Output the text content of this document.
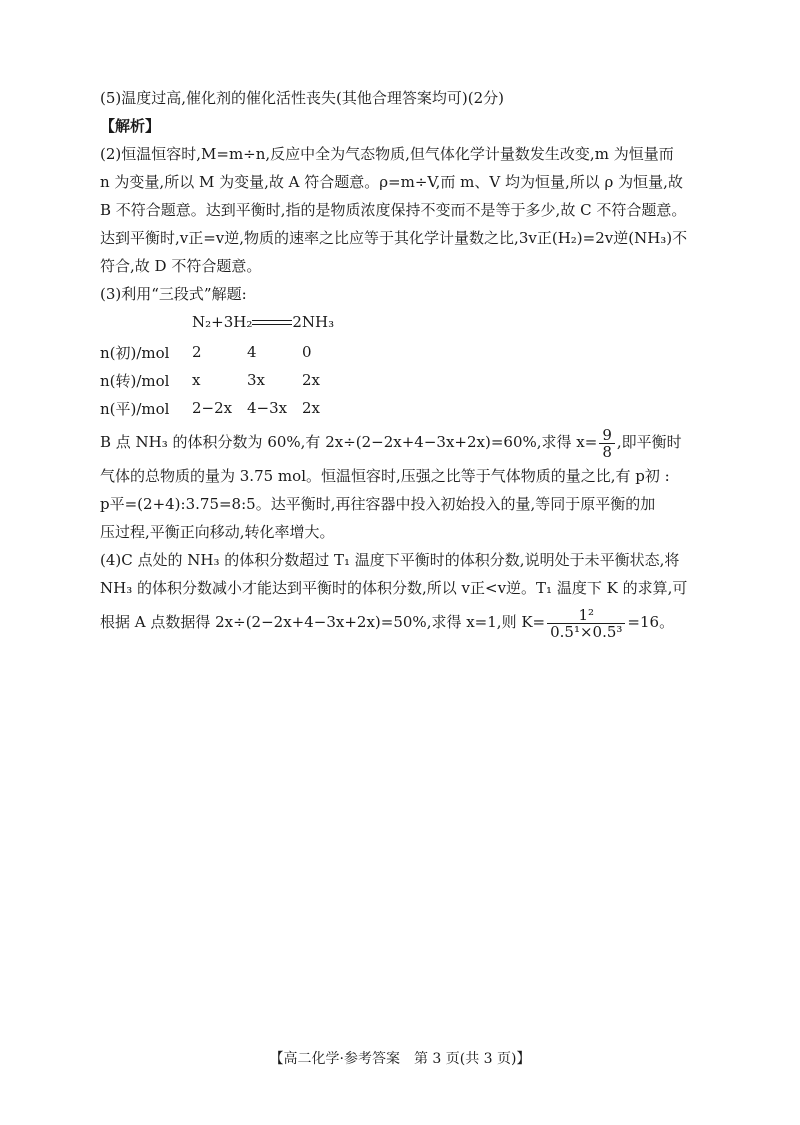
(5)温度过高,催化剂的催化活性丧失(其他合理答案均可)(2分)
【解析】
(2)恒温恒容时,M=m÷n,反应中全为气态物质,但气体化学计量数发生改变,m 为恒量而
n 为变量,所以 M 为变量,故 A 符合题意。ρ=m÷V,而 m、V 均为恒量,所以 ρ 为恒量,故
B 不符合题意。达到平衡时,指的是物质浓度保持不变而不是等于多少,故 C 不符合题意。
达到平衡时,v正=v逆,物质的速率之比应等于其化学计量数之比,3v正(H₂)=2v逆(NH₃)不
符合,故 D 不符合题意。
(3)利用“三段式”解题:
N₂+3H₂	2NH₃
n(初)/mol	2	4	0
n(转)/mol	x	3x	2x
n(平)/mol	2−2x	4−3x	2x
B 点 NH₃ 的体积分数为 60%,有 2x÷(2−2x+4−3x+2x)=60%,求得 $x= \frac{9}{8}$ ,即平衡时
气体的总物质的量为 3.75 mol。恒温恒容时,压强之比等于气体物质的量之比,有 p初 :
p平=(2+4):3.75=8:5。达平衡时,再往容器中投入初始投入的量,等同于原平衡的加
压过程,平衡正向移动,转化率增大。
(4)C 点处的 NH₃ 的体积分数超过 T₁ 温度下平衡时的体积分数,说明处于未平衡状态,将
NH₃ 的体积分数减小才能达到平衡时的体积分数,所以 v正<v逆。T₁ 温度下 K 的求算,可
根据 A 点数据得 2x÷(2−2x+4−3x+2x)=50%,求得 x=1,则 $K= \frac{\text{1²}}{\text{0.5¹×0.5³}} =16$。
【高二化学·参考答案　第 3 页(共 3 页)】
